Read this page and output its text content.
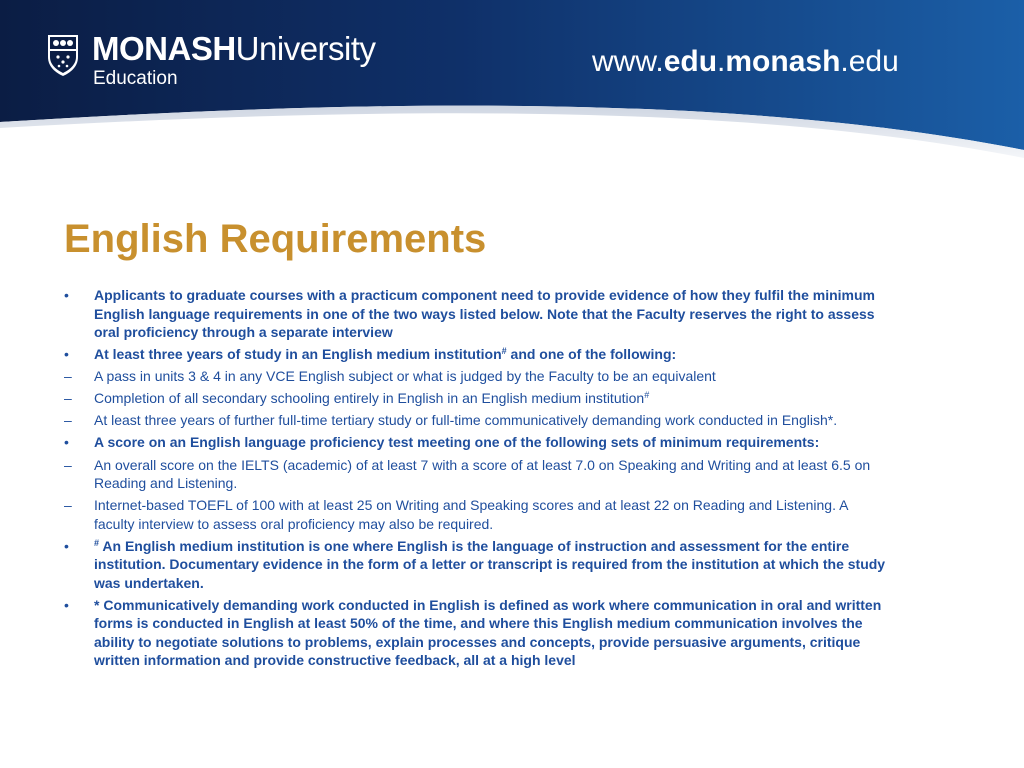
MONASHUniversity
Education
www.edu.monash.edu
English Requirements
•	Applicants to graduate courses with a practicum component need to provide evidence of how they fulfil the minimum English language requirements in one of the two ways listed below. Note that the Faculty reserves the right to assess oral proficiency through a separate interview
•	At least three years of study in an English medium institution# and one of the following:
–	A pass in units 3 & 4 in any VCE English subject or what is judged by the Faculty to be an equivalent
–	Completion of all secondary schooling entirely in English in an English medium institution#
–	At least three years of further full-time tertiary study or full-time communicatively demanding work conducted in English*.
•	A score on an English language proficiency test meeting one of the following sets of minimum requirements:
–	An overall score on the IELTS (academic) of at least 7 with a score of at least 7.0 on Speaking and Writing and at least 6.5 on Reading and Listening.
–	Internet-based TOEFL of 100 with at least 25 on Writing and Speaking scores and at least 22 on Reading and Listening. A faculty interview to assess oral proficiency may also be required.
•	# An English medium institution is one where English is the language of instruction and assessment for the entire institution. Documentary evidence in the form of a letter or transcript is required from the institution at which the study was undertaken.
•	* Communicatively demanding work conducted in English is defined as work where communication in oral and written forms is conducted in English at least 50% of the time, and where this English medium communication involves the ability to negotiate solutions to problems, explain processes and concepts, provide persuasive arguments, critique written information and provide constructive feedback, all at a high level
